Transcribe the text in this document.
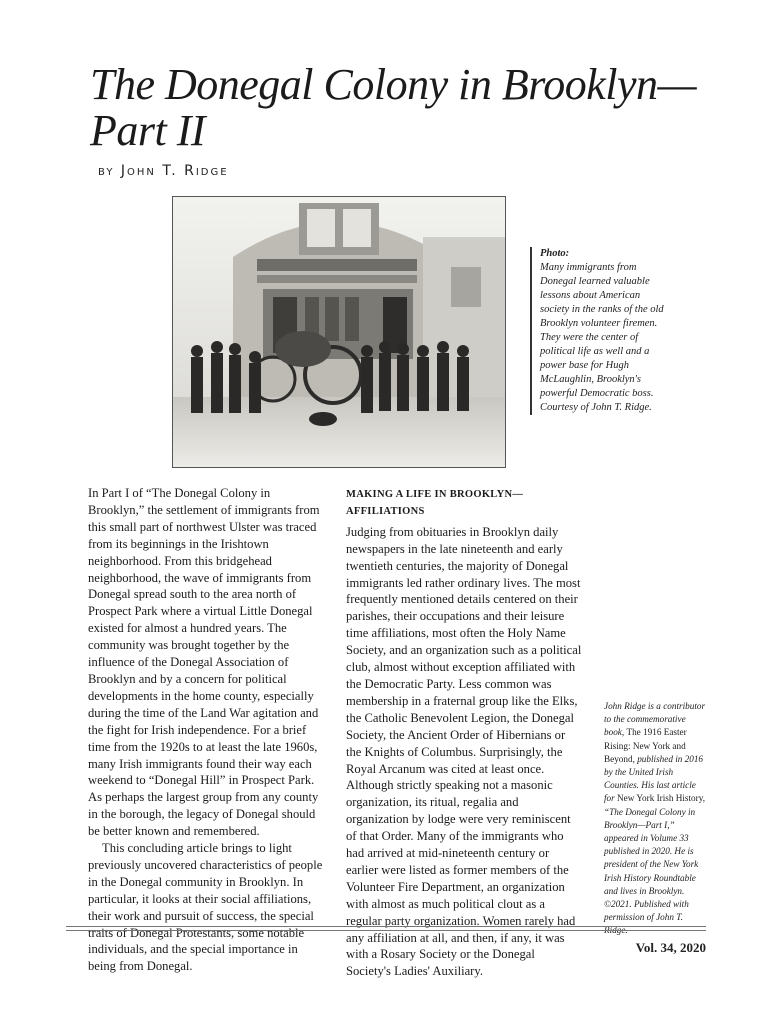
The Donegal Colony in Brooklyn—Part II
by John T. Ridge
Photo:
Many immigrants from Donegal learned valuable lessons about American society in the ranks of the old Brooklyn volunteer firemen. They were the center of political life as well and a power base for Hugh McLaughlin, Brooklyn's powerful Democratic boss. Courtesy of John T. Ridge.

In Part I of “The Donegal Colony in Brooklyn,” the settlement of immigrants from this small part of northwest Ulster was traced from its beginnings in the Irishtown neighborhood. From this bridgehead neighborhood, the wave of immigrants from Donegal spread south to the area north of Prospect Park where a virtual Little Donegal existed for almost a hundred years. The community was brought together by the influence of the Donegal Association of Brooklyn and by a concern for political developments in the home county, especially during the time of the Land War agitation and the fight for Irish independence. For a brief time from the 1920s to at least the late 1960s, many Irish immigrants found their way each weekend to “Donegal Hill” in Prospect Park. As perhaps the largest group from any county in the borough, the legacy of Donegal should be better known and remembered.

This concluding article brings to light previously uncovered characteristics of people in the Donegal community in Brooklyn. In particular, it looks at their social affiliations, their work and pursuit of success, the special traits of Donegal Protestants, some notable individuals, and the special importance in being from Donegal.

MAKING A LIFE IN BROOKLYN—AFFILIATIONS

Judging from obituaries in Brooklyn daily newspapers in the late nineteenth and early twentieth centuries, the majority of Donegal immigrants led rather ordinary lives. The most frequently mentioned details centered on their parishes, their occupations and their leisure time affiliations, most often the Holy Name Society, and an organization such as a political club, almost without exception affiliated with the Democratic Party. Less common was membership in a fraternal group like the Elks, the Catholic Benevolent Legion, the Donegal Society, the Ancient Order of Hibernians or the Knights of Columbus. Surprisingly, the Royal Arcanum was cited at least once. Although strictly speaking not a masonic organization, its ritual, regalia and organization by lodge were very reminiscent of that Order. Many of the immigrants who had arrived at mid-nineteenth century or earlier were listed as former members of the Volunteer Fire Department, an organization with almost as much political clout as a regular party organization. Women rarely had any affiliation at all, and then, if any, it was with a Rosary Society or the Donegal Society's Ladies' Auxiliary.

John Ridge is a contributor to the commemorative book, The 1916 Easter Rising: New York and Beyond, published in 2016 by the United Irish Counties. His last article for New York Irish History, “The Donegal Colony in Brooklyn—Part I,” appeared in Volume 33 published in 2020. He is president of the New York Irish History Roundtable and lives in Brooklyn. ©2021. Published with permission of John T. Ridge.
Vol. 34, 2020
